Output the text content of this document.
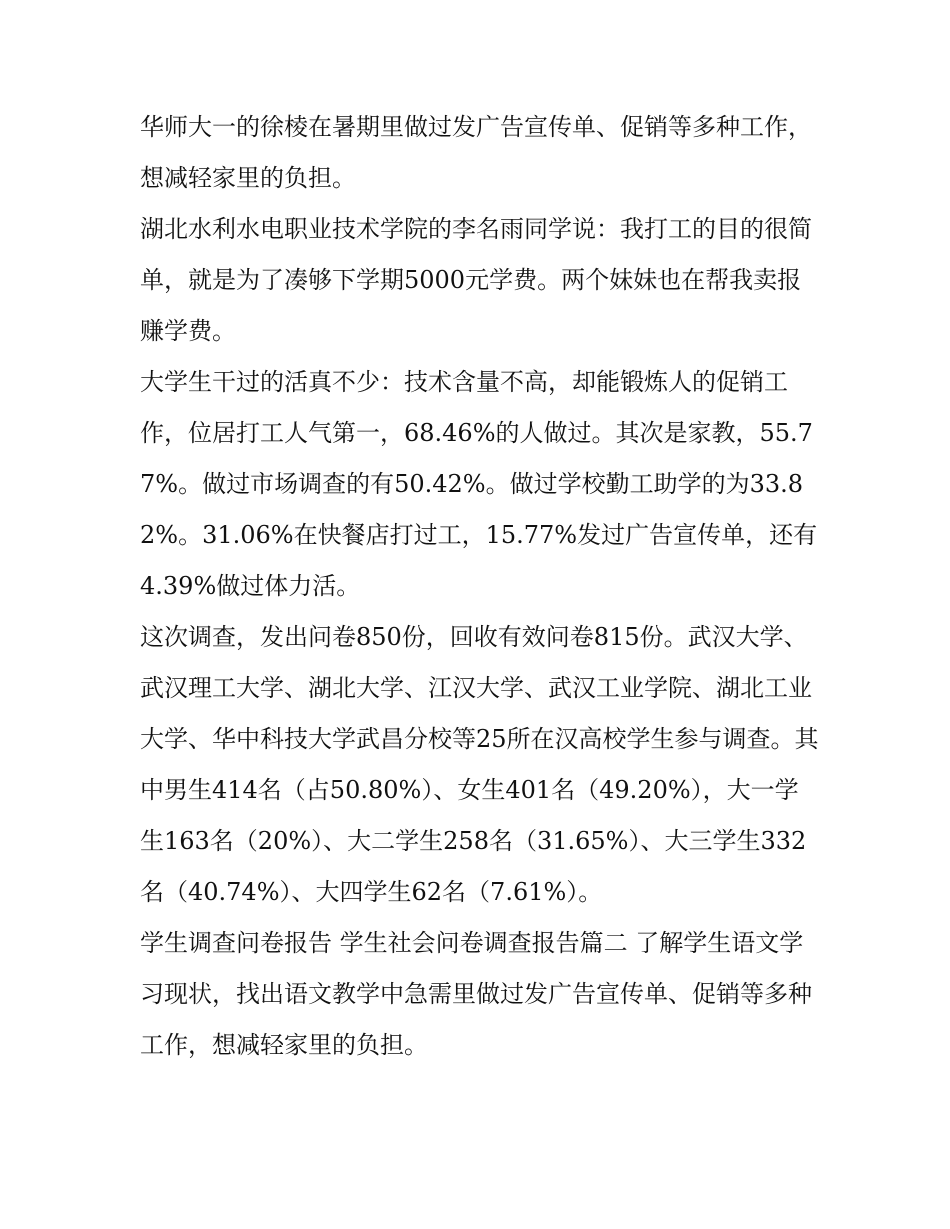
华师大一的徐棱在暑期里做过发广告宣传单、促销等多种工作，想减轻家里的负担。

湖北水利水电职业技术学院的李名雨同学说：我打工的目的很简单，就是为了凑够下学期5000元学费。两个妹妹也在帮我卖报赚学费。

大学生干过的活真不少：技术含量不高，却能锻炼人的促销工作，位居打工人气第一，68.46%的人做过。其次是家教，55.77%。做过市场调查的有50.42%。做过学校勤工助学的为33.82%。31.06%在快餐店打过工，15.77%发过广告宣传单，还有4.39%做过体力活。

这次调查，发出问卷850份，回收有效问卷815份。武汉大学、武汉理工大学、湖北大学、江汉大学、武汉工业学院、湖北工业大学、华中科技大学武昌分校等25所在汉高校学生参与调查。其中男生414名（占50.80%）、女生401名（49.20%），大一学生163名（20%）、大二学生258名（31.65%）、大三学生332名（40.74%）、大四学生62名（7.61%）。

学生调查问卷报告 学生社会问卷调查报告篇二 了解学生语文学习现状，找出语文教学中急需里做过发广告宣传单、促销等多种工作，想减轻家里的负担。
